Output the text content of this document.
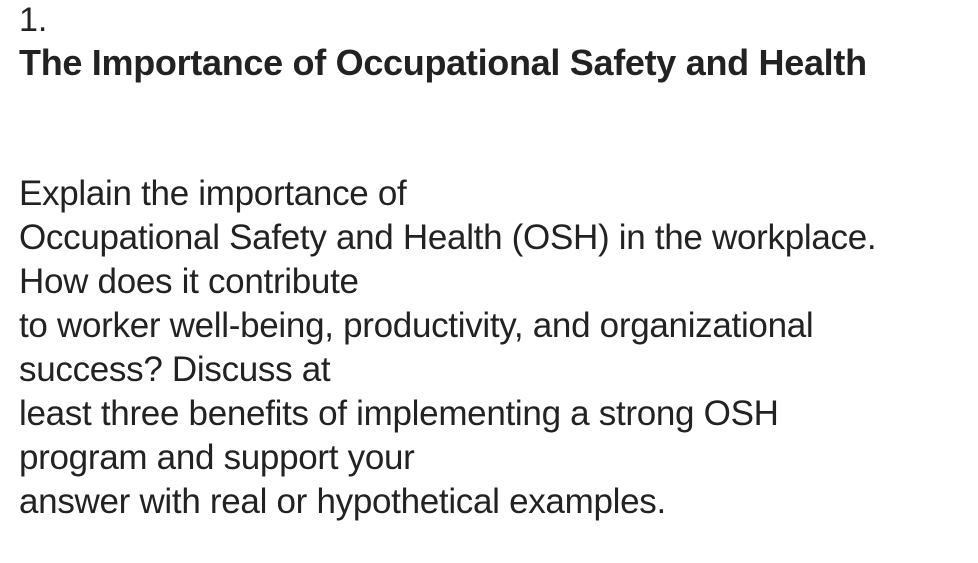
1.

The Importance of Occupational Safety and Health
Explain the importance of
Occupational Safety and Health (OSH) in the workplace.
How does it contribute
to worker well-being, productivity, and organizational
success? Discuss at
least three benefits of implementing a strong OSH
program and support your
answer with real or hypothetical examples.
